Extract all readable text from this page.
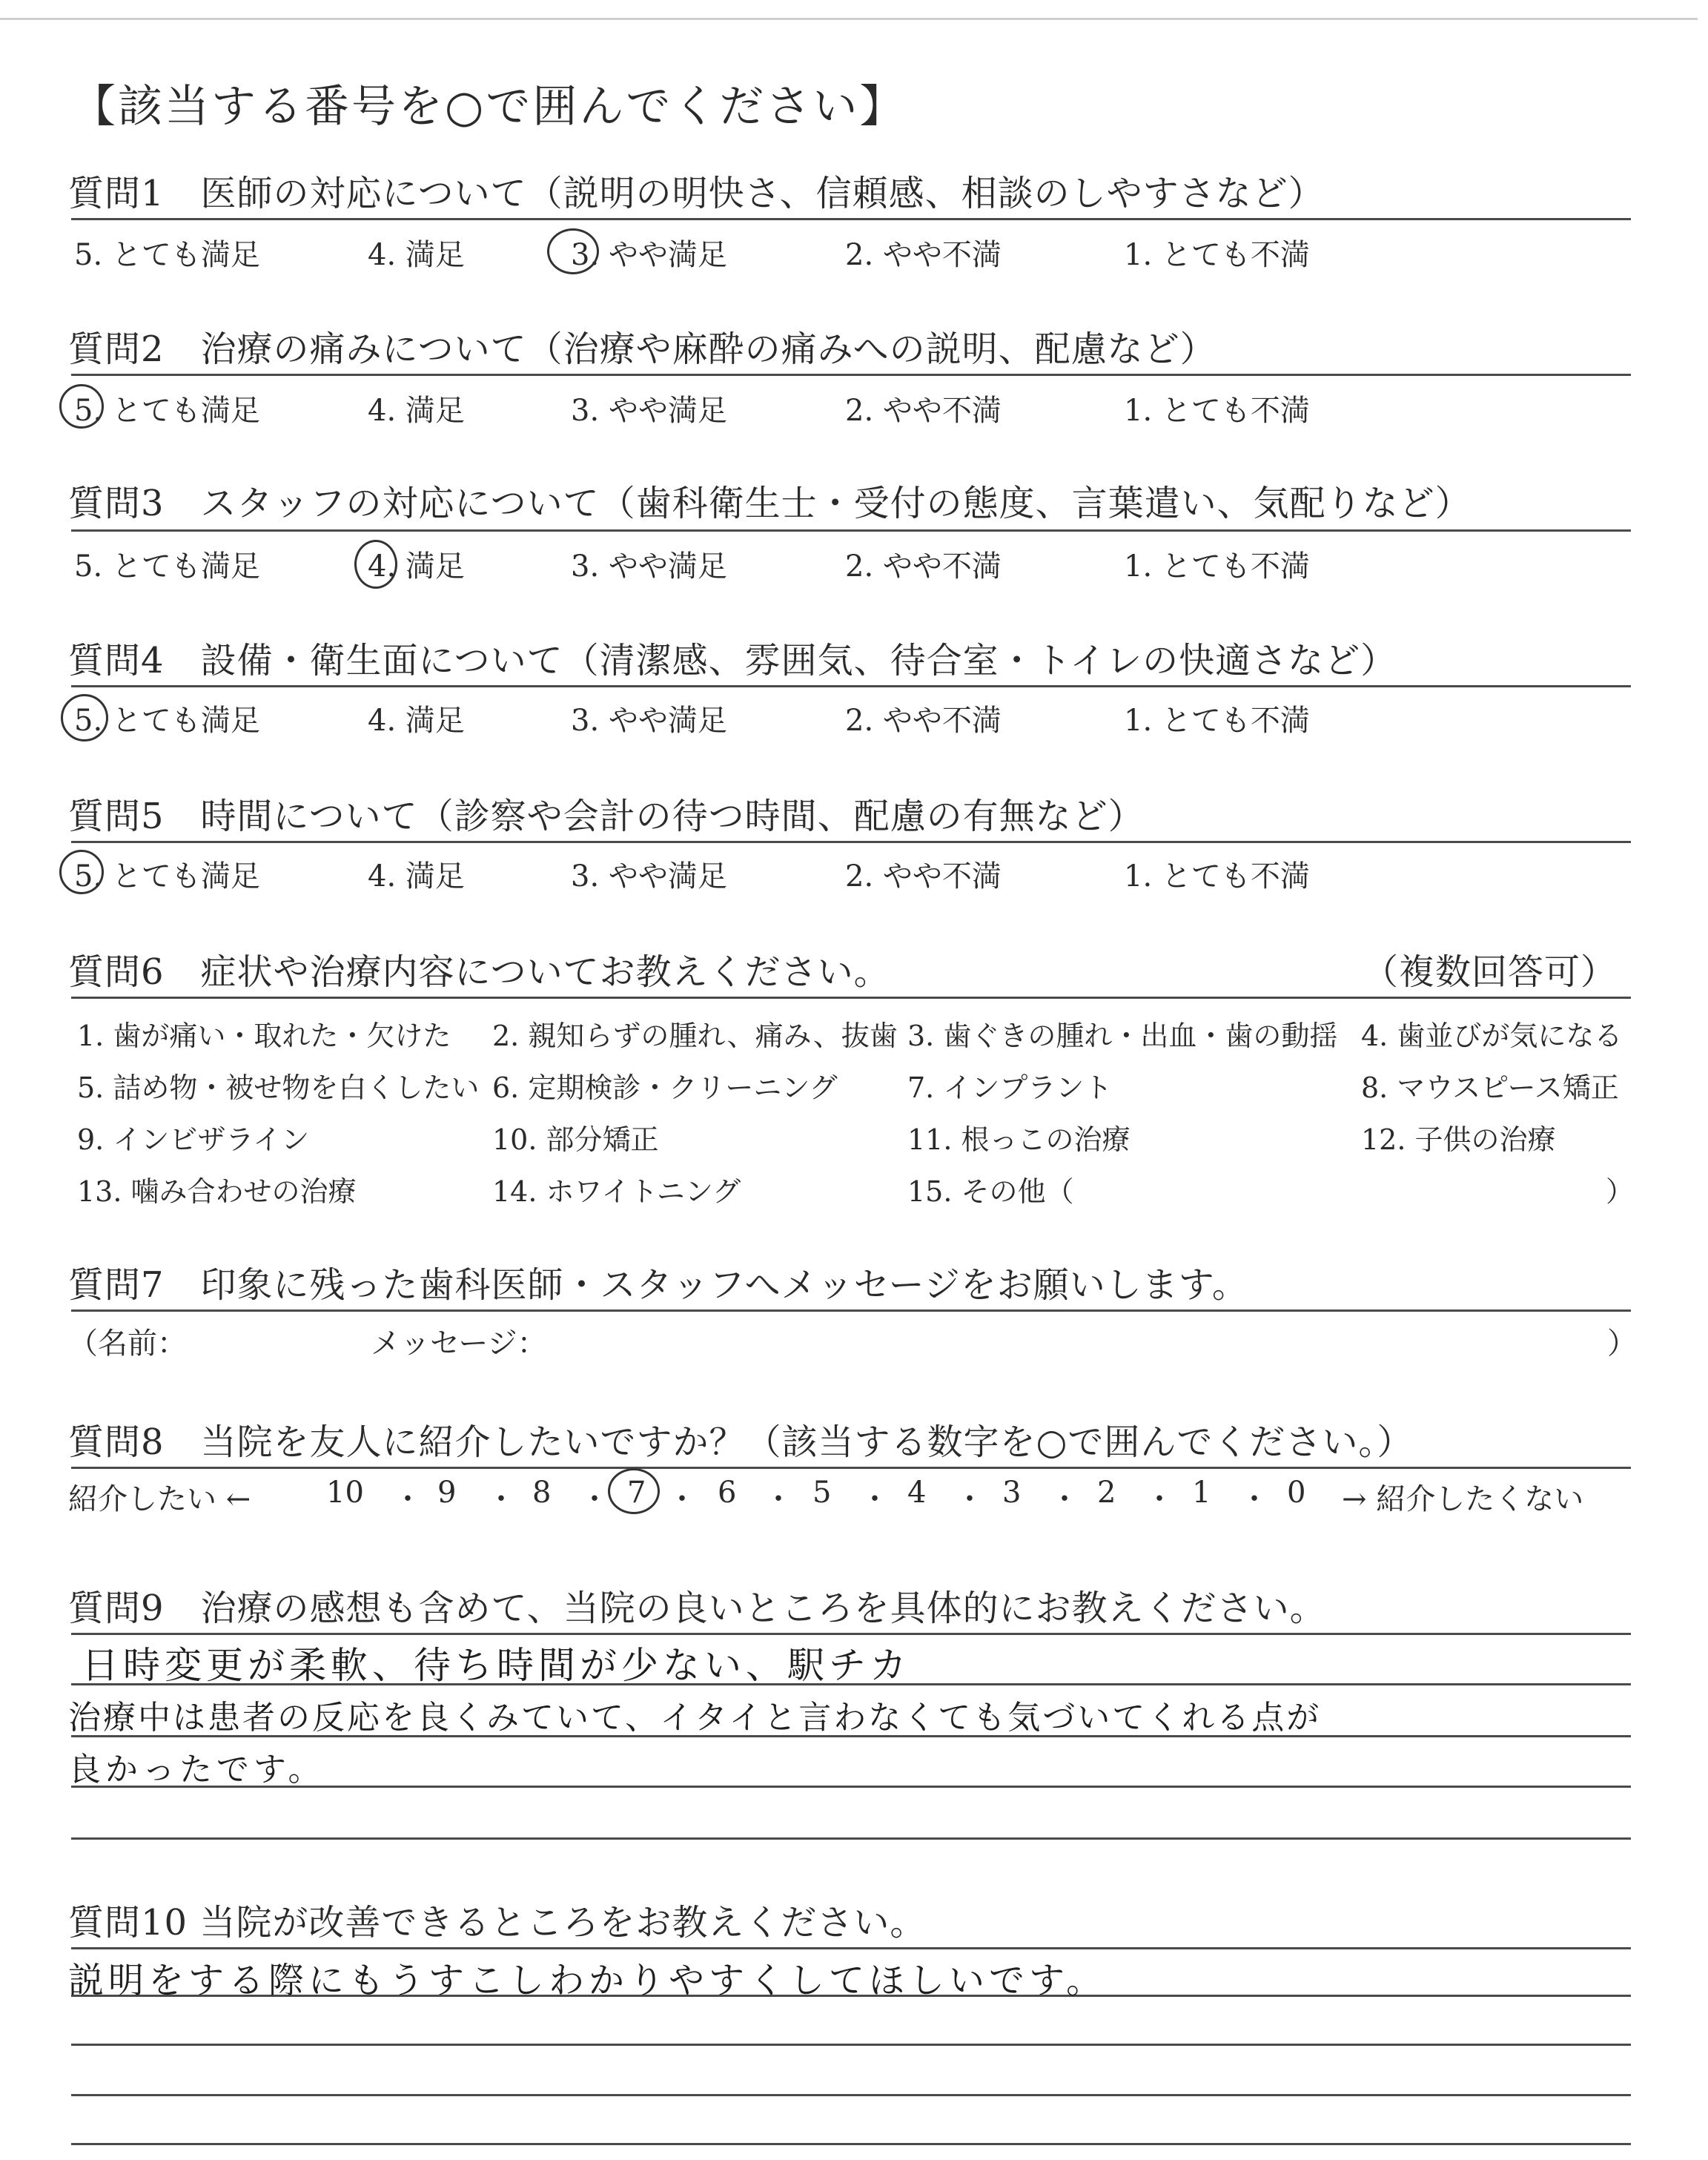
【該当する番号を○で囲んでください】
質問1　医師の対応について（説明の明快さ、信頼感、相談のしやすさなど）
5. とても満足	4. 満足	3. やや満足	2. やや不満	1. とても不満
質問2　治療の痛みについて（治療や麻酔の痛みへの説明、配慮など）
5. とても満足	4. 満足	3. やや満足	2. やや不満	1. とても不満
質問3　スタッフの対応について（歯科衛生士・受付の態度、言葉遣い、気配りなど）
5. とても満足	4. 満足	3. やや満足	2. やや不満	1. とても不満
質問4　設備・衛生面について（清潔感、雰囲気、待合室・トイレの快適さなど）
5. とても満足	4. 満足	3. やや満足	2. やや不満	1. とても不満
質問5　時間について（診察や会計の待つ時間、配慮の有無など）
5. とても満足	4. 満足	3. やや満足	2. やや不満	1. とても不満
質問6　症状や治療内容についてお教えください。	（複数回答可）
1. 歯が痛い・取れた・欠けた 2. 親知らずの腫れ、痛み、抜歯 3. 歯ぐきの腫れ・出血・歯の動揺 4. 歯並びが気になる
5. 詰め物・被せ物を白くしたい 6. 定期検診・クリーニング 7. インプラント	8. マウスピース矯正
9. インビザライン	10. 部分矯正	11. 根っこの治療	12. 子供の治療
13. 噛み合わせの治療	14. ホワイトニング	15. その他（	）
質問7　印象に残った歯科医師・スタッフへメッセージをお願いします。
（名前：	メッセージ：	）
質問8　当院を友人に紹介したいですか？（該当する数字を○で囲んでください。）
紹介したい ←	10 ・ 9 ・ 8 ・ 7 ・ 6 ・ 5 ・ 4 ・ 3 ・ 2 ・ 1 ・ 0 → 紹介したくない
質問9　治療の感想も含めて、当院の良いところを具体的にお教えください。
日時変更が柔軟、待ち時間が少ない、駅チカ
治療中は患者の反応を良くみていて、イタイと言わなくても気づいてくれる点が
良かったです。
質問10 当院が改善できるところをお教えください。
説明をする際にもうすこしわかりやすくしてほしいです。
